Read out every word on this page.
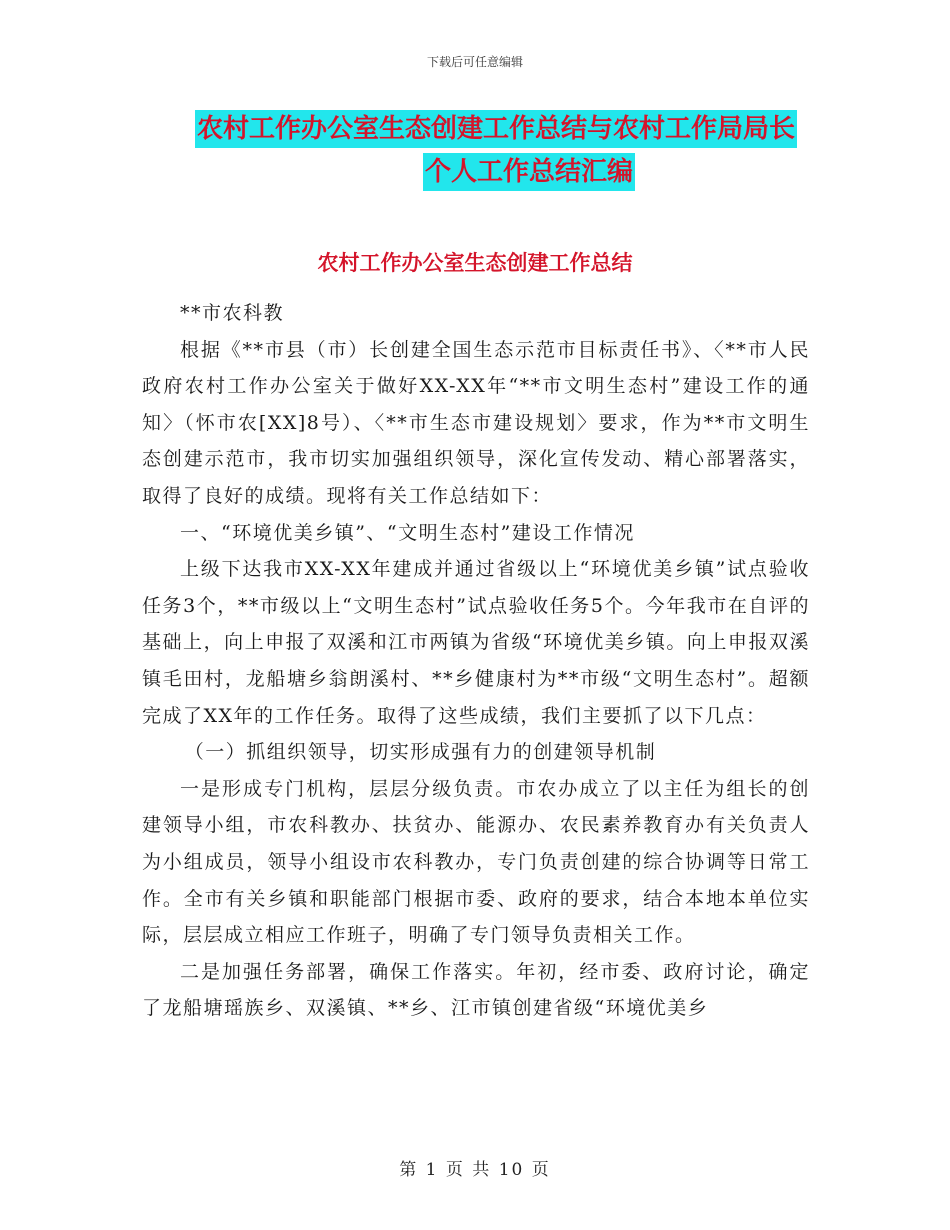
下载后可任意编辑
农村工作办公室生态创建工作总结与农村工作局局长
个人工作总结汇编
农村工作办公室生态创建工作总结

**市农科教

根据《**市县（市）长创建全国生态示范市目标责任书》、〈**市人民政府农村工作办公室关于做好XX-XX年“**市文明生态村”建设工作的通知〉（怀市农[XX]8号）、〈**市生态市建设规划〉要求，作为**市文明生态创建示范市，我市切实加强组织领导，深化宣传发动、精心部署落实，取得了良好的成绩。现将有关工作总结如下：

一、“环境优美乡镇”、“文明生态村”建设工作情况

上级下达我市XX-XX年建成并通过省级以上“环境优美乡镇”试点验收任务3个，**市级以上“文明生态村”试点验收任务5个。今年我市在自评的基础上，向上申报了双溪和江市两镇为省级“环境优美乡镇。向上申报双溪镇毛田村，龙船塘乡翁朗溪村、**乡健康村为**市级“文明生态村”。超额完成了XX年的工作任务。取得了这些成绩，我们主要抓了以下几点：

（一）抓组织领导，切实形成强有力的创建领导机制

一是形成专门机构，层层分级负责。市农办成立了以主任为组长的创建领导小组，市农科教办、扶贫办、能源办、农民素养教育办有关负责人为小组成员，领导小组设市农科教办，专门负责创建的综合协调等日常工作。全市有关乡镇和职能部门根据市委、政府的要求，结合本地本单位实际，层层成立相应工作班子，明确了专门领导负责相关工作。

二是加强任务部署，确保工作落实。年初，经市委、政府讨论，确定了龙船塘瑶族乡、双溪镇、**乡、江市镇创建省级“环境优美乡

第 1 页 共 10 页
